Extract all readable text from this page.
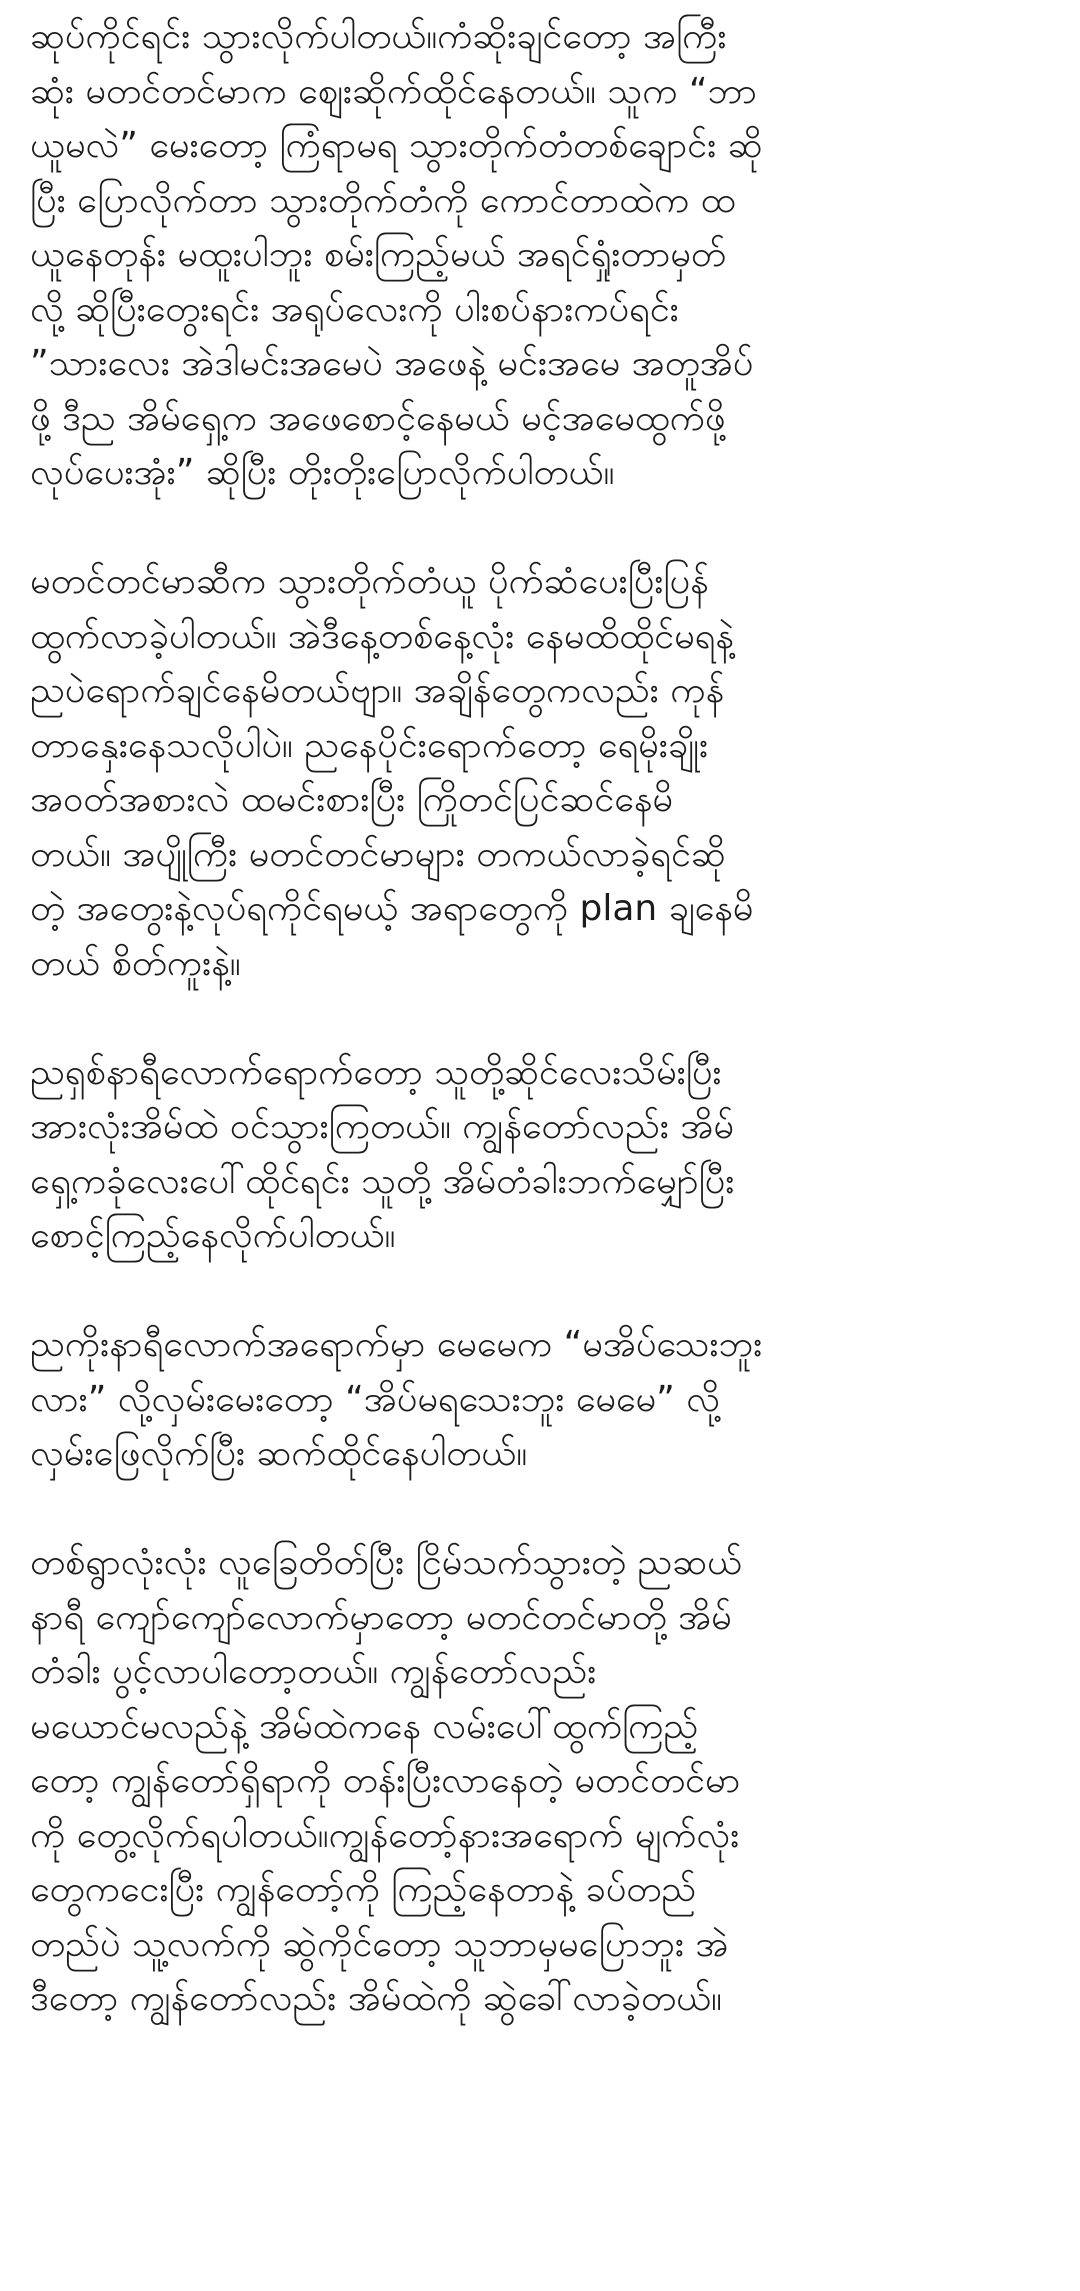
ဆုပ်ကိုင်ရင်း သွားလိုက်ပါတယ်။ကံဆိုးချင်တော့ အကြီး
ဆုံး မတင်တင်မာက ဈေးဆိုက်ထိုင်နေတယ်။ သူက “ဘာ
ယူမလဲ” မေးတော့ ကြံရာမရ သွားတိုက်တံတစ်ချောင်း ဆို
ပြီး ပြောလိုက်တာ သွားတိုက်တံကို ကောင်တာထဲက ထ
ယူနေတုန်း မထူးပါဘူး စမ်းကြည့်မယ် အရင်ရှုံးတာမှတ်
လို့ ဆိုပြီးတွေးရင်း အရုပ်လေးကို ပါးစပ်နားကပ်ရင်း
”သားလေး အဲဒါမင်းအမေပဲ အဖေနဲ့ မင်းအမေ အတူအိပ်
ဖို့ ဒီည အိမ်ရှေ့က အဖေစောင့်နေမယ် မင့်အမေထွက်ဖို့
လုပ်ပေးအုံး” ဆိုပြီး တိုးတိုးပြောလိုက်ပါတယ်။
မတင်တင်မာဆီက သွားတိုက်တံယူ ပိုက်ဆံပေးပြီးပြန်
ထွက်လာခဲ့ပါတယ်။ အဲဒီနေ့တစ်နေ့လုံး နေမထိထိုင်မရနဲ့
ညပဲရောက်ချင်နေမိတယ်ဗျာ။ အချိန်တွေကလည်း ကုန်
တာနှေးနေသလိုပါပဲ။ ညနေပိုင်းရောက်တော့ ရေမိုးချိုး
အဝတ်အစားလဲ ထမင်းစားပြီး ကြိုတင်ပြင်ဆင်နေမိ
တယ်။ အပျိုကြီး မတင်တင်မာများ တကယ်လာခဲ့ရင်ဆို
တဲ့ အတွေးနဲ့လုပ်ရကိုင်ရမယ့် အရာတွေကို plan ချနေမိ
တယ် စိတ်ကူးနဲ့။
ညရှစ်နာရီလောက်ရောက်တော့ သူတို့ဆိုင်လေးသိမ်းပြီး
အားလုံးအိမ်ထဲ ဝင်သွားကြတယ်။ ကျွန်တော်လည်း အိမ်
ရှေ့ကခုံလေးပေါ်ထိုင်ရင်း သူတို့ အိမ်တံခါးဘက်မျှော်ပြီး
စောင့်ကြည့်နေလိုက်ပါတယ်။
ညကိုးနာရီလောက်အရောက်မှာ မေမေက “မအိပ်သေးဘူး
လား” လို့လှမ်းမေးတော့ “အိပ်မရသေးဘူး မေမေ” လို့
လှမ်းဖြေလိုက်ပြီး ဆက်ထိုင်နေပါတယ်။
တစ်ရွာလုံးလုံး လူခြေတိတ်ပြီး ငြိမ်သက်သွားတဲ့ ညဆယ်
နာရီ ကျော်ကျော်လောက်မှာတော့ မတင်တင်မာတို့ အိမ်
တံခါး ပွင့်လာပါတော့တယ်။ ကျွန်တော်လည်း
မယောင်မလည်နဲ့ အိမ်ထဲကနေ လမ်းပေါ်ထွက်ကြည့်
တော့ ကျွန်တော်ရှိရာကို တန်းပြီးလာနေတဲ့ မတင်တင်မာ
ကို တွေ့လိုက်ရပါတယ်။ကျွန်တော့်နားအရောက် မျက်လုံး
တွေကငေးပြီး ကျွန်တော့်ကို ကြည့်နေတာနဲ့ ခပ်တည်
တည်ပဲ သူ့လက်ကို ဆွဲကိုင်တော့ သူဘာမှမပြောဘူး အဲ
ဒီတော့ ကျွန်တော်လည်း အိမ်ထဲကို ဆွဲခေါ်လာခဲ့တယ်။
